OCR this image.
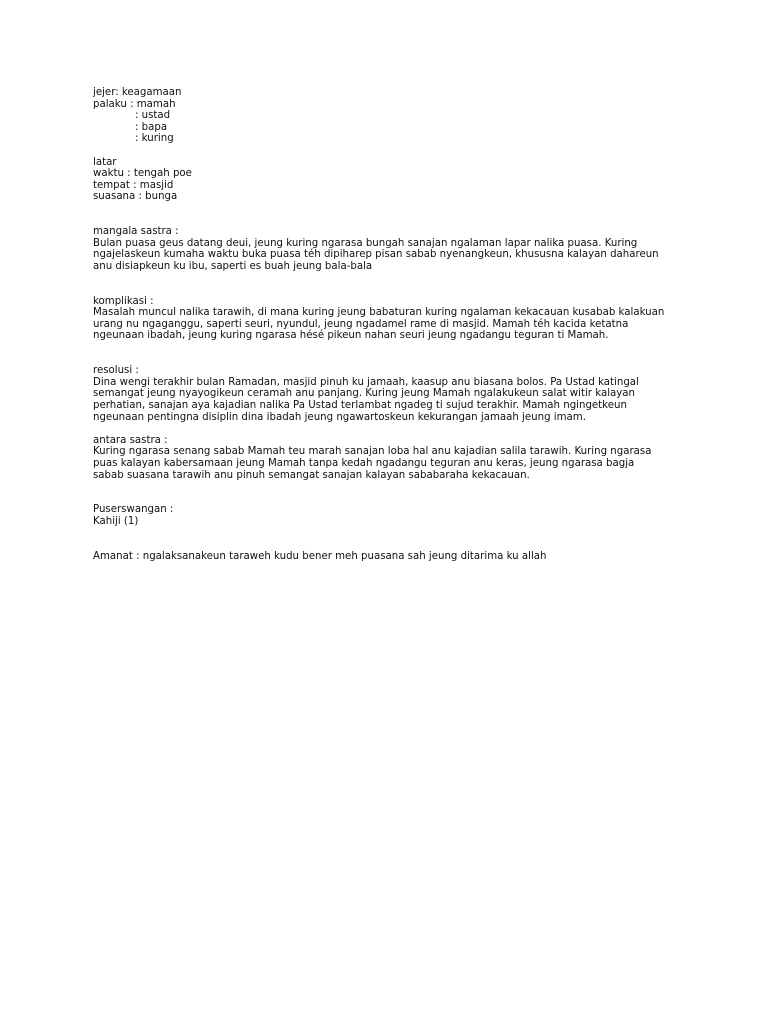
jejer: keagamaan
palaku : mamah
: ustad
: bapa
: kuring
latar
waktu : tengah poe
tempat : masjid
suasana : bunga
mangala sastra :
Bulan puasa geus datang deui, jeung kuring ngarasa bungah sanajan ngalaman lapar nalika puasa. Kuring
ngajelaskeun kumaha waktu buka puasa téh dipiharep pisan sabab nyenangkeun, khususna kalayan dahareun
anu disiapkeun ku ibu, saperti es buah jeung bala-bala
komplikasi :
Masalah muncul nalika tarawih, di mana kuring jeung babaturan kuring ngalaman kekacauan kusabab kalakuan
urang nu ngaganggu, saperti seuri, nyundul, jeung ngadamel rame di masjid. Mamah téh kacida ketatna
ngeunaan ibadah, jeung kuring ngarasa hésé pikeun nahan seuri jeung ngadangu teguran ti Mamah.
resolusi :
Dina wengi terakhir bulan Ramadan, masjid pinuh ku jamaah, kaasup anu biasana bolos. Pa Ustad katingal
semangat jeung nyayogikeun ceramah anu panjang. Kuring jeung Mamah ngalakukeun salat witir kalayan
perhatian, sanajan aya kajadian nalika Pa Ustad terlambat ngadeg ti sujud terakhir. Mamah ngingetkeun
ngeunaan pentingna disiplin dina ibadah jeung ngawartoskeun kekurangan jamaah jeung imam.
antara sastra :
Kuring ngarasa senang sabab Mamah teu marah sanajan loba hal anu kajadian salila tarawih. Kuring ngarasa
puas kalayan kabersamaan jeung Mamah tanpa kedah ngadangu teguran anu keras, jeung ngarasa bagja
sabab suasana tarawih anu pinuh semangat sanajan kalayan sababaraha kekacauan.
Puserswangan :
Kahiji (1)
Amanat : ngalaksanakeun taraweh kudu bener meh puasana sah jeung ditarima ku allah
